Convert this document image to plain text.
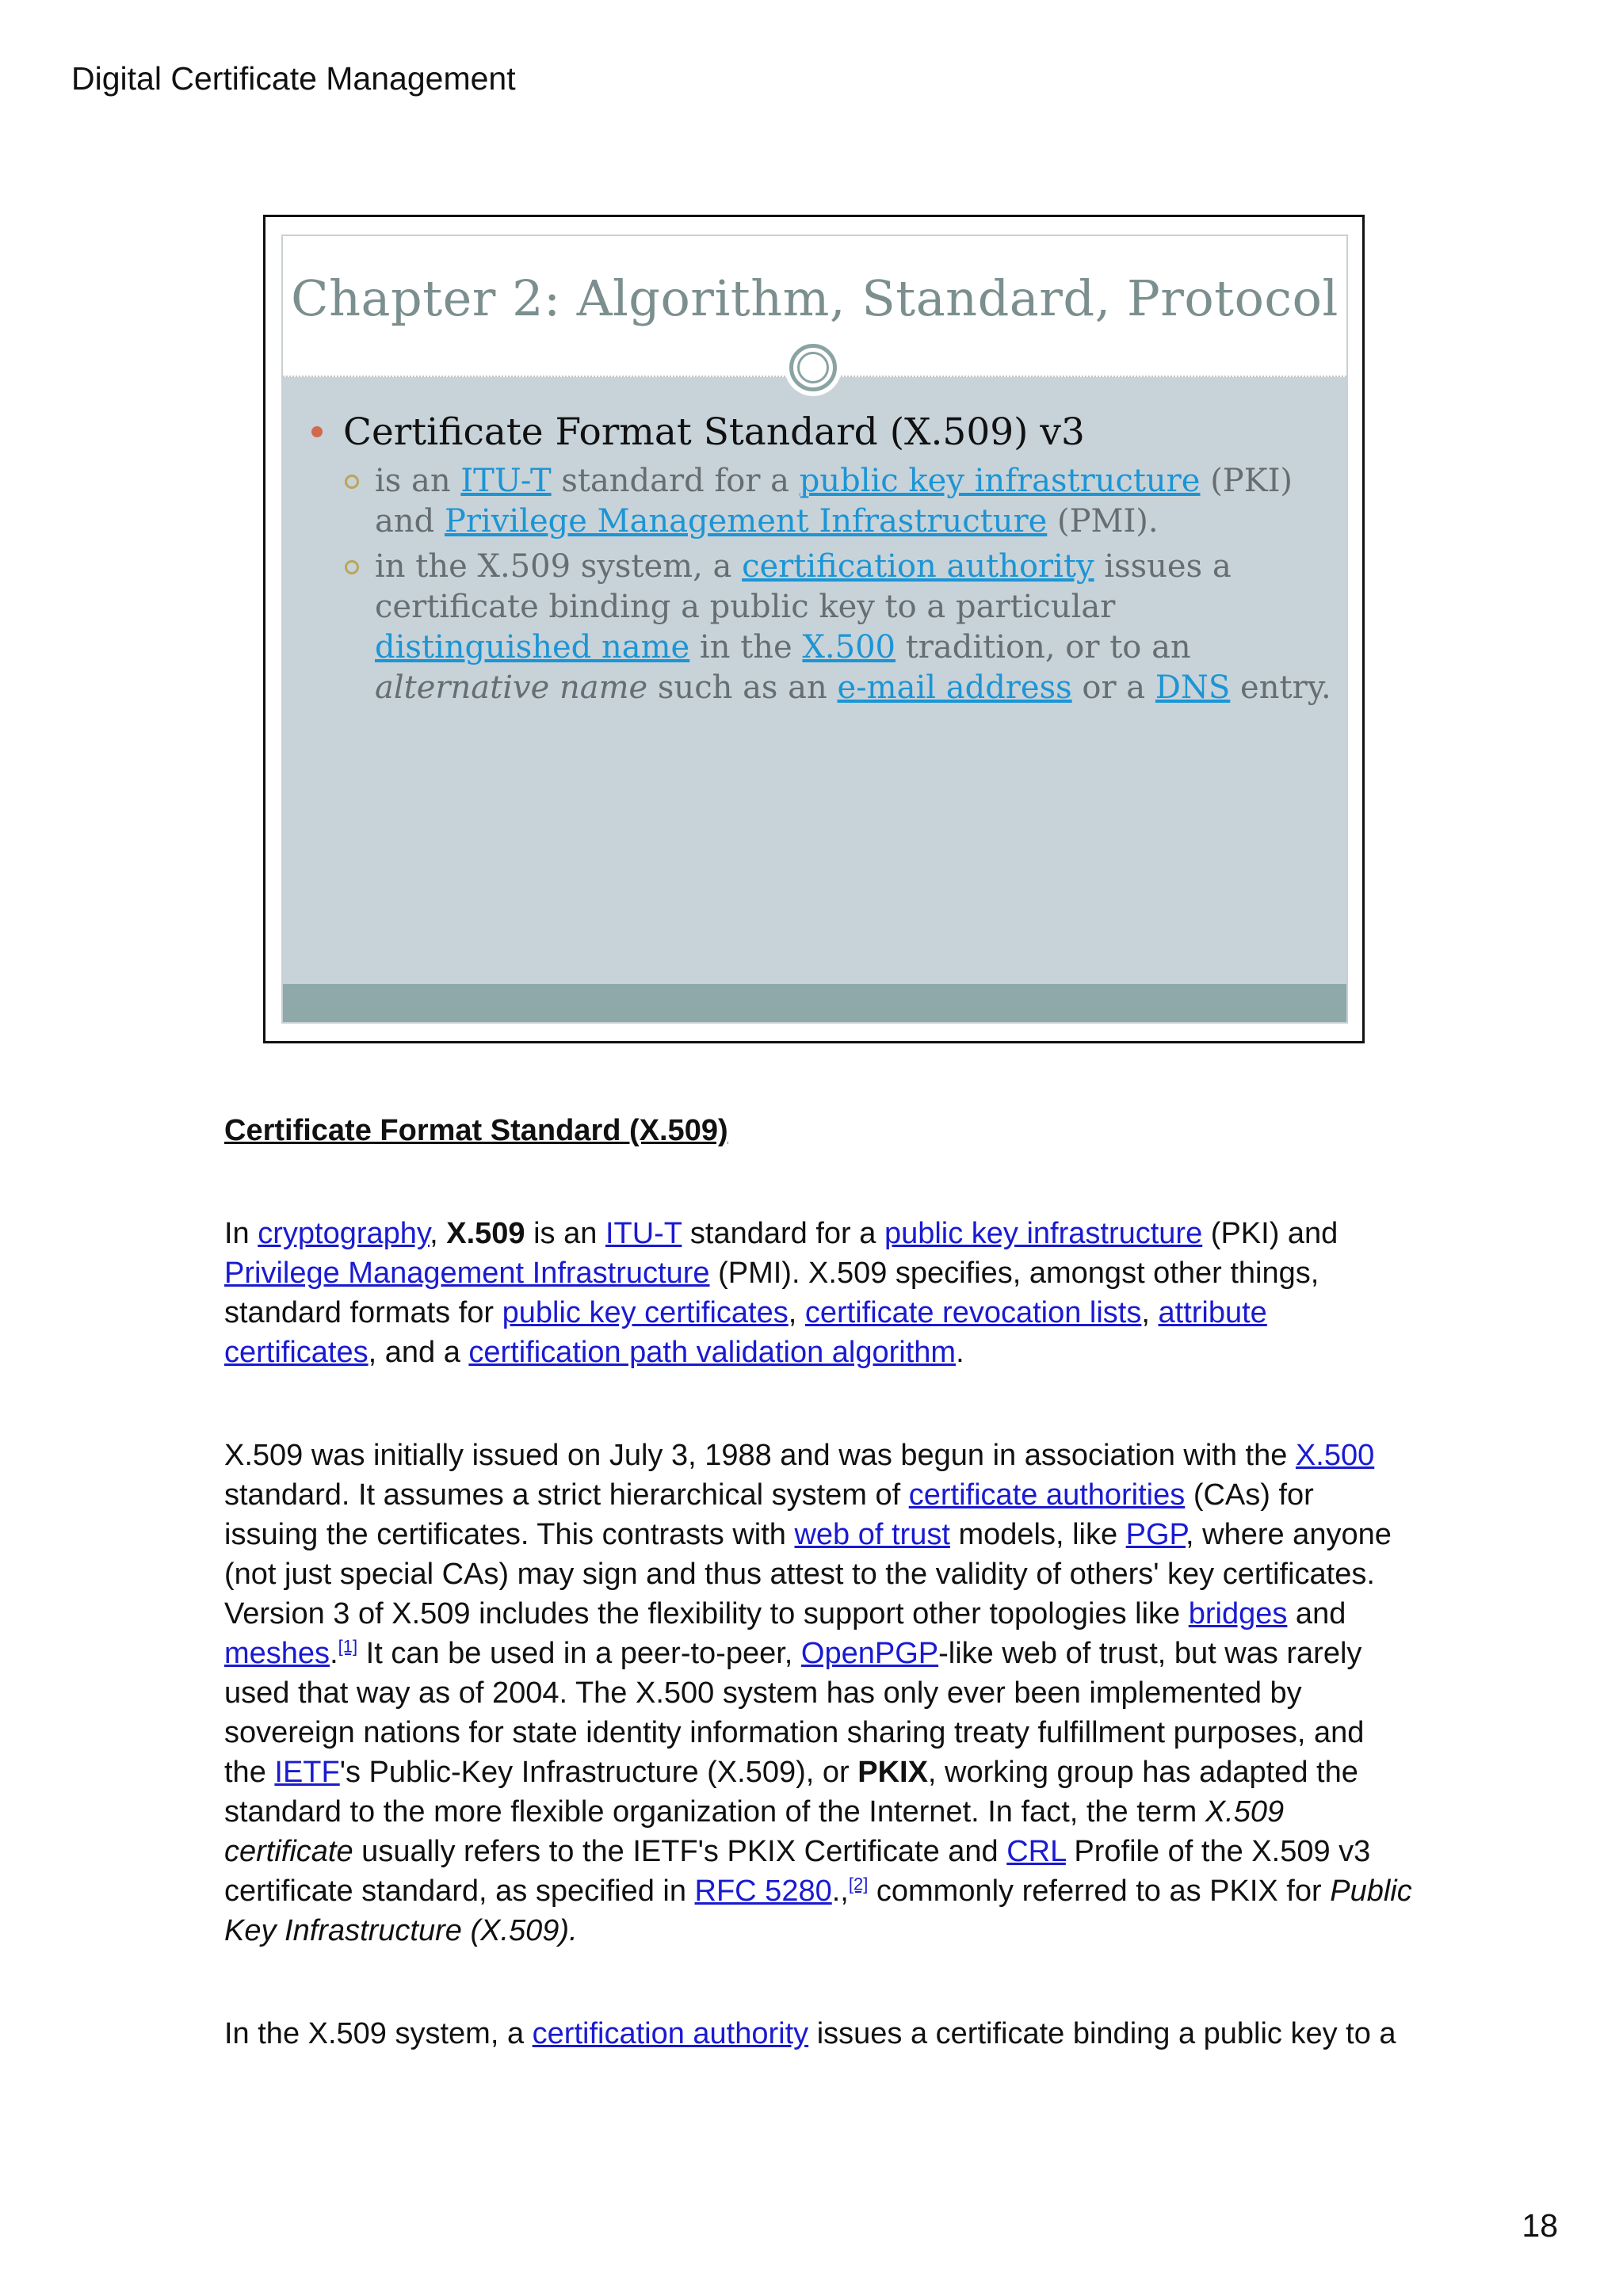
Digital Certificate Management
Chapter 2: Algorithm, Standard, Protocol
Certificate Format Standard (X.509) v3
is an ITU-T standard for a public key infrastructure (PKI) and Privilege Management Infrastructure (PMI).
in the X.509 system, a certification authority issues a certificate binding a public key to a particular distinguished name in the X.500 tradition, or to an alternative name such as an e-mail address or a DNS entry.
Certificate Format Standard (X.509)
In cryptography, X.509 is an ITU-T standard for a public key infrastructure (PKI) and Privilege Management Infrastructure (PMI). X.509 specifies, amongst other things, standard formats for public key certificates, certificate revocation lists, attribute certificates, and a certification path validation algorithm.
X.509 was initially issued on July 3, 1988 and was begun in association with the X.500 standard. It assumes a strict hierarchical system of certificate authorities (CAs) for issuing the certificates. This contrasts with web of trust models, like PGP, where anyone (not just special CAs) may sign and thus attest to the validity of others' key certificates. Version 3 of X.509 includes the flexibility to support other topologies like bridges and meshes.[1] It can be used in a peer-to-peer, OpenPGP-like web of trust, but was rarely used that way as of 2004. The X.500 system has only ever been implemented by sovereign nations for state identity information sharing treaty fulfillment purposes, and the IETF's Public-Key Infrastructure (X.509), or PKIX, working group has adapted the standard to the more flexible organization of the Internet. In fact, the term X.509 certificate usually refers to the IETF's PKIX Certificate and CRL Profile of the X.509 v3 certificate standard, as specified in RFC 5280.,[2] commonly referred to as PKIX for Public Key Infrastructure (X.509).
In the X.509 system, a certification authority issues a certificate binding a public key to a
18
